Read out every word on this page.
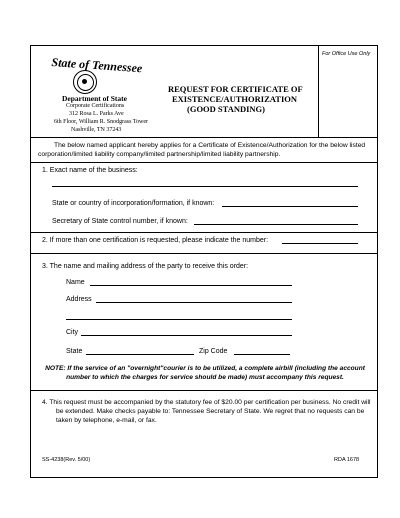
For Office Use Only
State of Tennessee
Department of State
Corporate Certifications
312 Rosa L. Parks Ave
6th Floor, William R. Snodgrass Tower
Nashville, TN 37243
REQUEST FOR CERTIFICATE OF
EXISTENCE/AUTHORIZATION
(GOOD STANDING)
The below named applicant hereby applies for a Certificate of Existence/Authorization for the below listed corporation/limited liability company/limited partnership/limited liability partnership.
1. Exact name of the business:
State or country of incorporation/formation, if known:
Secretary of State control number, if known:
2. If more than one certification is requested, please indicate the number:
3. The name and mailing address of the party to receive this order:
Name
Address
City
State	Zip Code
NOTE: If the service of an "overnight"courier is to be utilized, a complete airbill (including the account number to which the charges for service should be made) must accompany this request.
4. This request must be accompanied by the statutory fee of $20.00 per certification per business. No credit will be extended. Make checks payable to: Tennessee Secretary of State. We regret that no requests can be taken by telephone, e-mail, or fax.
SS-4238(Rev. 5/00)	RDA 1678
